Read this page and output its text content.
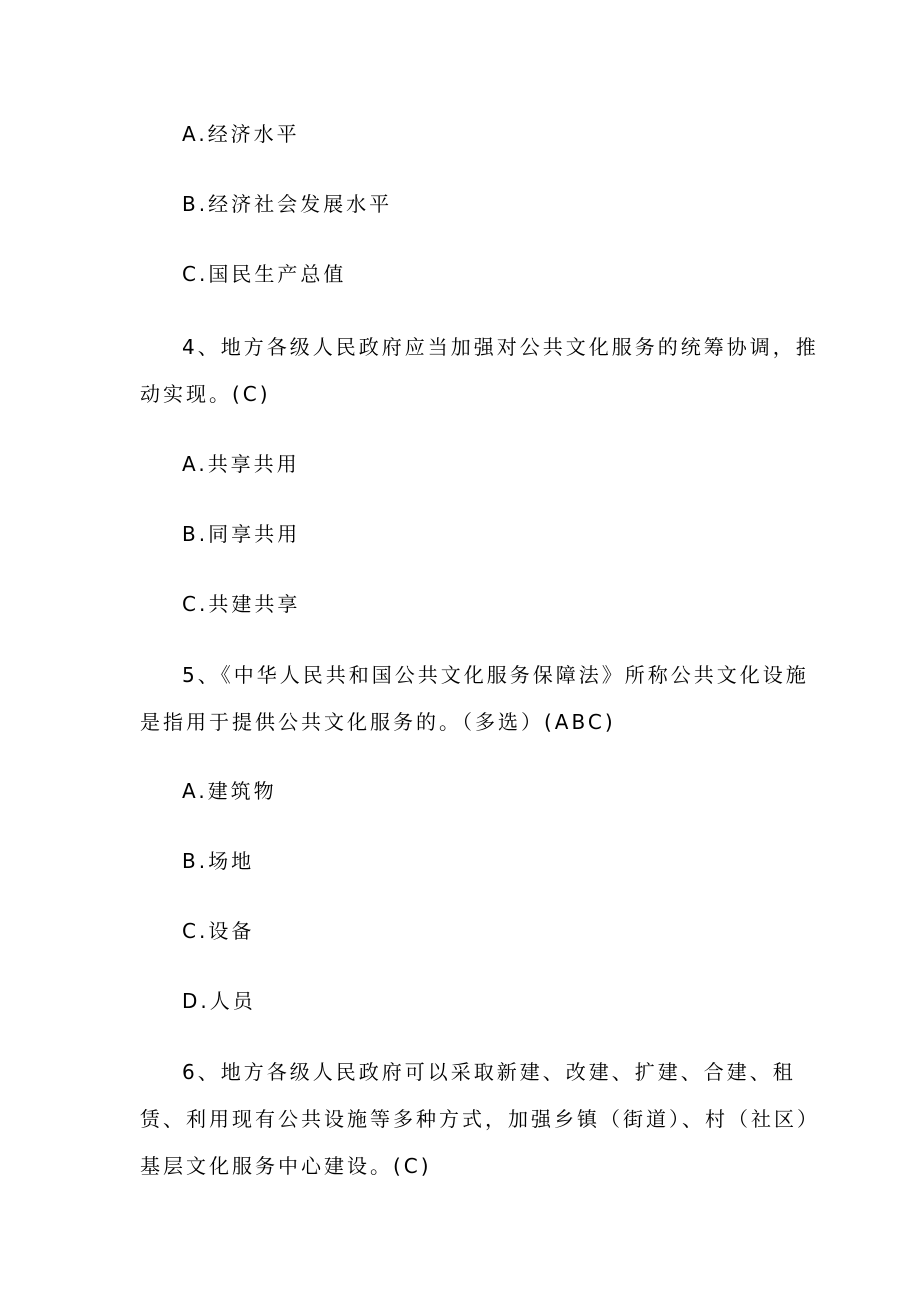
A.经济水平
B.经济社会发展水平
C.国民生产总值
4、地方各级人民政府应当加强对公共文化服务的统筹协调，推
动实现。(C)
A.共享共用
B.同享共用
C.共建共享
5、《中华人民共和国公共文化服务保障法》所称公共文化设施
是指用于提供公共文化服务的。（多选）(ABC)
A.建筑物
B.场地
C.设备
D.人员
6、地方各级人民政府可以采取新建、改建、扩建、合建、租
赁、利用现有公共设施等多种方式，加强乡镇（街道）、村（社区）
基层文化服务中心建设。(C)
